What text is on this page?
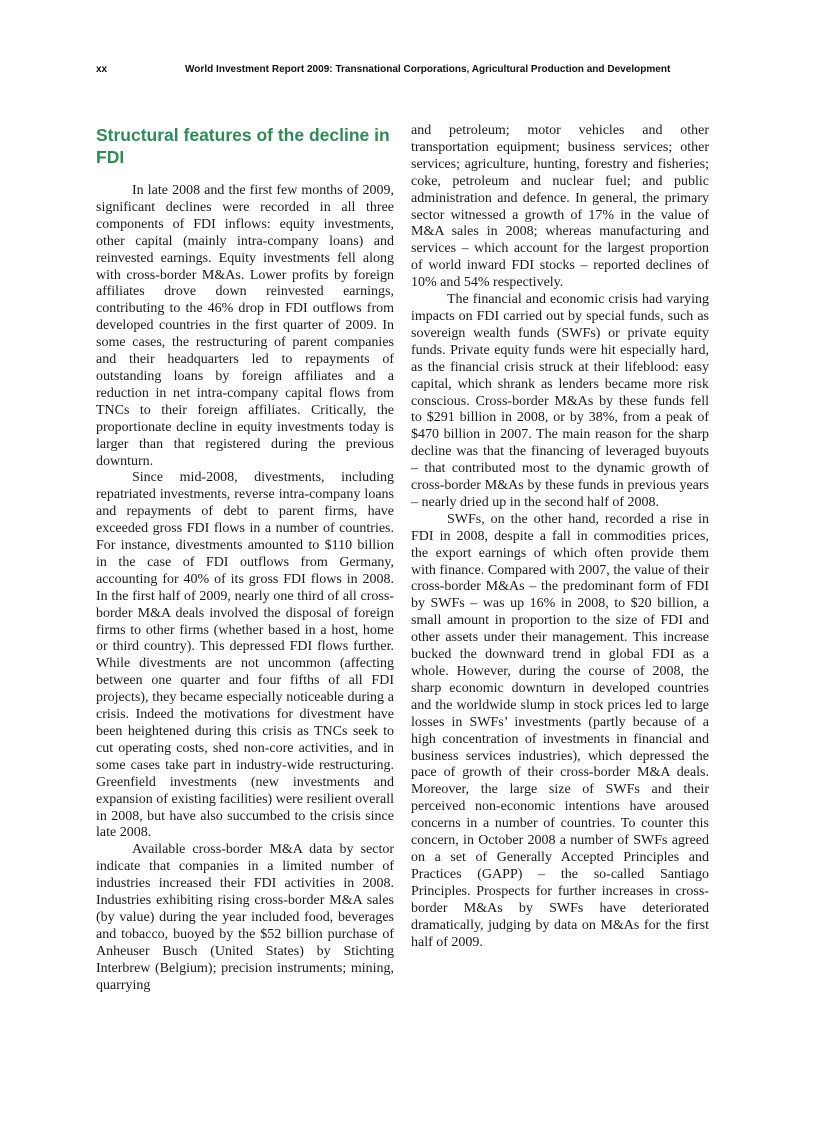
xx	World Investment Report 2009: Transnational Corporations, Agricultural Production and Development
Structural features of the decline in FDI

In late 2008 and the first few months of 2009, significant declines were recorded in all three components of FDI inflows: equity investments, other capital (mainly intra-company loans) and reinvested earnings. Equity investments fell along with cross-border M&As. Lower profits by foreign affiliates drove down reinvested earnings, contributing to the 46% drop in FDI outflows from developed countries in the first quarter of 2009. In some cases, the restructuring of parent companies and their headquarters led to repayments of outstanding loans by foreign affiliates and a reduction in net intra-company capital flows from TNCs to their foreign affiliates. Critically, the proportionate decline in equity investments today is larger than that registered during the previous downturn.

Since mid-2008, divestments, including repatriated investments, reverse intra-company loans and repayments of debt to parent firms, have exceeded gross FDI flows in a number of countries. For instance, divestments amounted to $110 billion in the case of FDI outflows from Germany, accounting for 40% of its gross FDI flows in 2008. In the first half of 2009, nearly one third of all cross-border M&A deals involved the disposal of foreign firms to other firms (whether based in a host, home or third country). This depressed FDI flows further. While divestments are not uncommon (affecting between one quarter and four fifths of all FDI projects), they became especially noticeable during a crisis. Indeed the motivations for divestment have been heightened during this crisis as TNCs seek to cut operating costs, shed non-core activities, and in some cases take part in industry-wide restructuring. Greenfield investments (new investments and expansion of existing facilities) were resilient overall in 2008, but have also succumbed to the crisis since late 2008.

Available cross-border M&A data by sector indicate that companies in a limited number of industries increased their FDI activities in 2008. Industries exhibiting rising cross-border M&A sales (by value) during the year included food, beverages and tobacco, buoyed by the $52 billion purchase of Anheuser Busch (United States) by Stichting Interbrew (Belgium); precision instruments; mining, quarrying

and petroleum; motor vehicles and other transportation equipment; business services; other services; agriculture, hunting, forestry and fisheries; coke, petroleum and nuclear fuel; and public administration and defence. In general, the primary sector witnessed a growth of 17% in the value of M&A sales in 2008; whereas manufacturing and services – which account for the largest proportion of world inward FDI stocks – reported declines of 10% and 54% respectively.

The financial and economic crisis had varying impacts on FDI carried out by special funds, such as sovereign wealth funds (SWFs) or private equity funds. Private equity funds were hit especially hard, as the financial crisis struck at their lifeblood: easy capital, which shrank as lenders became more risk conscious. Cross-border M&As by these funds fell to $291 billion in 2008, or by 38%, from a peak of $470 billion in 2007. The main reason for the sharp decline was that the financing of leveraged buyouts – that contributed most to the dynamic growth of cross-border M&As by these funds in previous years – nearly dried up in the second half of 2008.

SWFs, on the other hand, recorded a rise in FDI in 2008, despite a fall in commodities prices, the export earnings of which often provide them with finance. Compared with 2007, the value of their cross-border M&As – the predominant form of FDI by SWFs – was up 16% in 2008, to $20 billion, a small amount in proportion to the size of FDI and other assets under their management. This increase bucked the downward trend in global FDI as a whole. However, during the course of 2008, the sharp economic downturn in developed countries and the worldwide slump in stock prices led to large losses in SWFs’ investments (partly because of a high concentration of investments in financial and business services industries), which depressed the pace of growth of their cross-border M&A deals. Moreover, the large size of SWFs and their perceived non-economic intentions have aroused concerns in a number of countries. To counter this concern, in October 2008 a number of SWFs agreed on a set of Generally Accepted Principles and Practices (GAPP) – the so-called Santiago Principles. Prospects for further increases in cross-border M&As by SWFs have deteriorated dramatically, judging by data on M&As for the first half of 2009.
